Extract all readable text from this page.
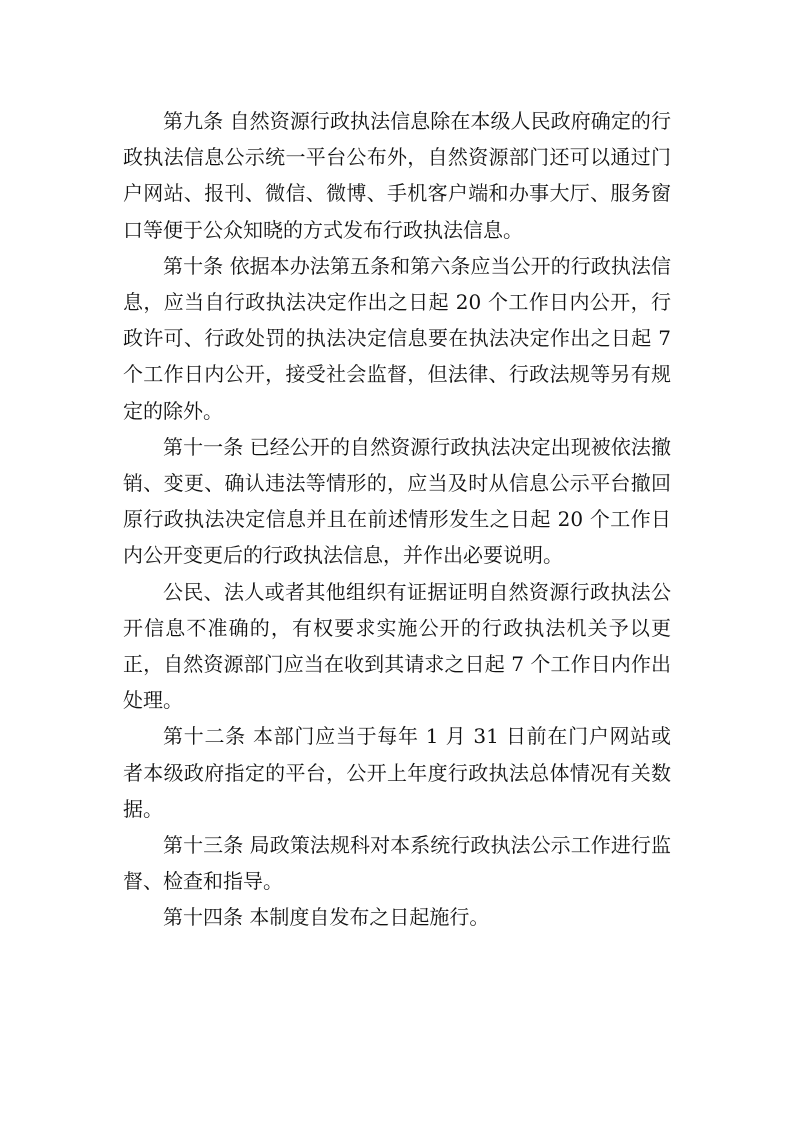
第九条 自然资源行政执法信息除在本级人民政府确定的行政执法信息公示统一平台公布外，自然资源部门还可以通过门户网站、报刊、微信、微博、手机客户端和办事大厅、服务窗口等便于公众知晓的方式发布行政执法信息。

第十条 依据本办法第五条和第六条应当公开的行政执法信息，应当自行政执法决定作出之日起 20 个工作日内公开，行政许可、行政处罚的执法决定信息要在执法决定作出之日起 7 个工作日内公开，接受社会监督，但法律、行政法规等另有规定的除外。

第十一条 已经公开的自然资源行政执法决定出现被依法撤销、变更、确认违法等情形的，应当及时从信息公示平台撤回原行政执法决定信息并且在前述情形发生之日起 20 个工作日内公开变更后的行政执法信息，并作出必要说明。

公民、法人或者其他组织有证据证明自然资源行政执法公开信息不准确的，有权要求实施公开的行政执法机关予以更正，自然资源部门应当在收到其请求之日起 7 个工作日内作出处理。

第十二条 本部门应当于每年 1 月 31 日前在门户网站或者本级政府指定的平台，公开上年度行政执法总体情况有关数据。

第十三条 局政策法规科对本系统行政执法公示工作进行监督、检查和指导。

第十四条 本制度自发布之日起施行。
